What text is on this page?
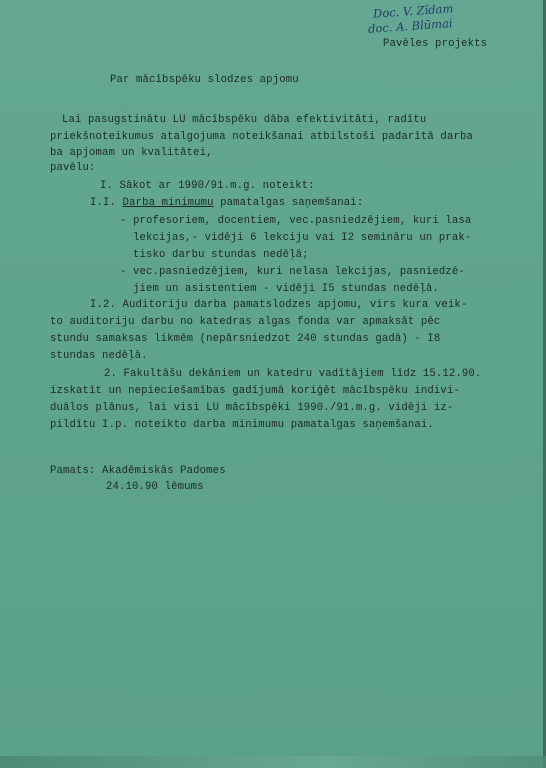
Doc. V. Zīdam
doc. A. Blūmai
Pavēles projekts
Par mācībspēku slodzes apjomu
Lai pasugstinātu LU mācībspēku dāba efektivitāti, radītu
priekšnoteikumus atalgojuma noteikšanai atbilstoši padarītā darba
ba apjomam un kvalitātei,
pavēlu:
I. Sākot ar 1990/91.m.g. noteikt:
I.I. Darba minimumu pamatalgas saņemšanai:
- profesoriem, docentiem, vec.pasniedzējiem, kuri lasa
lekcijas,- vidēji 6 lekciju vai I2 semināru un prak-
tisko darbu stundas nedēļā;
- vec.pasniedzējiem, kuri nelasa lekcijas, pasniedzē-
jiem un asistentiem - vidēji I5 stundas nedēļā.
I.2. Auditoriju darba pamatslodzes apjomu, virs kura veik-
to auditoriju darbu no katedras algas fonda var apmaksāt pēc
stundu samaksas likmēm (nepārsniedzot 240 stundas gadā) - I8
stundas nedēļā.
2. Fakultāšu dekāniem un katedru vadītājiem līdz 15.12.90.
izskatīt un nepieciešamības gadījumā koriģēt mācībspēku indivi-
duālos plānus, lai visi LU mācībspēki 1990./91.m.g. vidēji iz-
pildītu I.p. noteikto darba minimumu pamatalgas saņemšanai.
Pamats: Akadēmiskās Padomes
24.10.90 lēmums
